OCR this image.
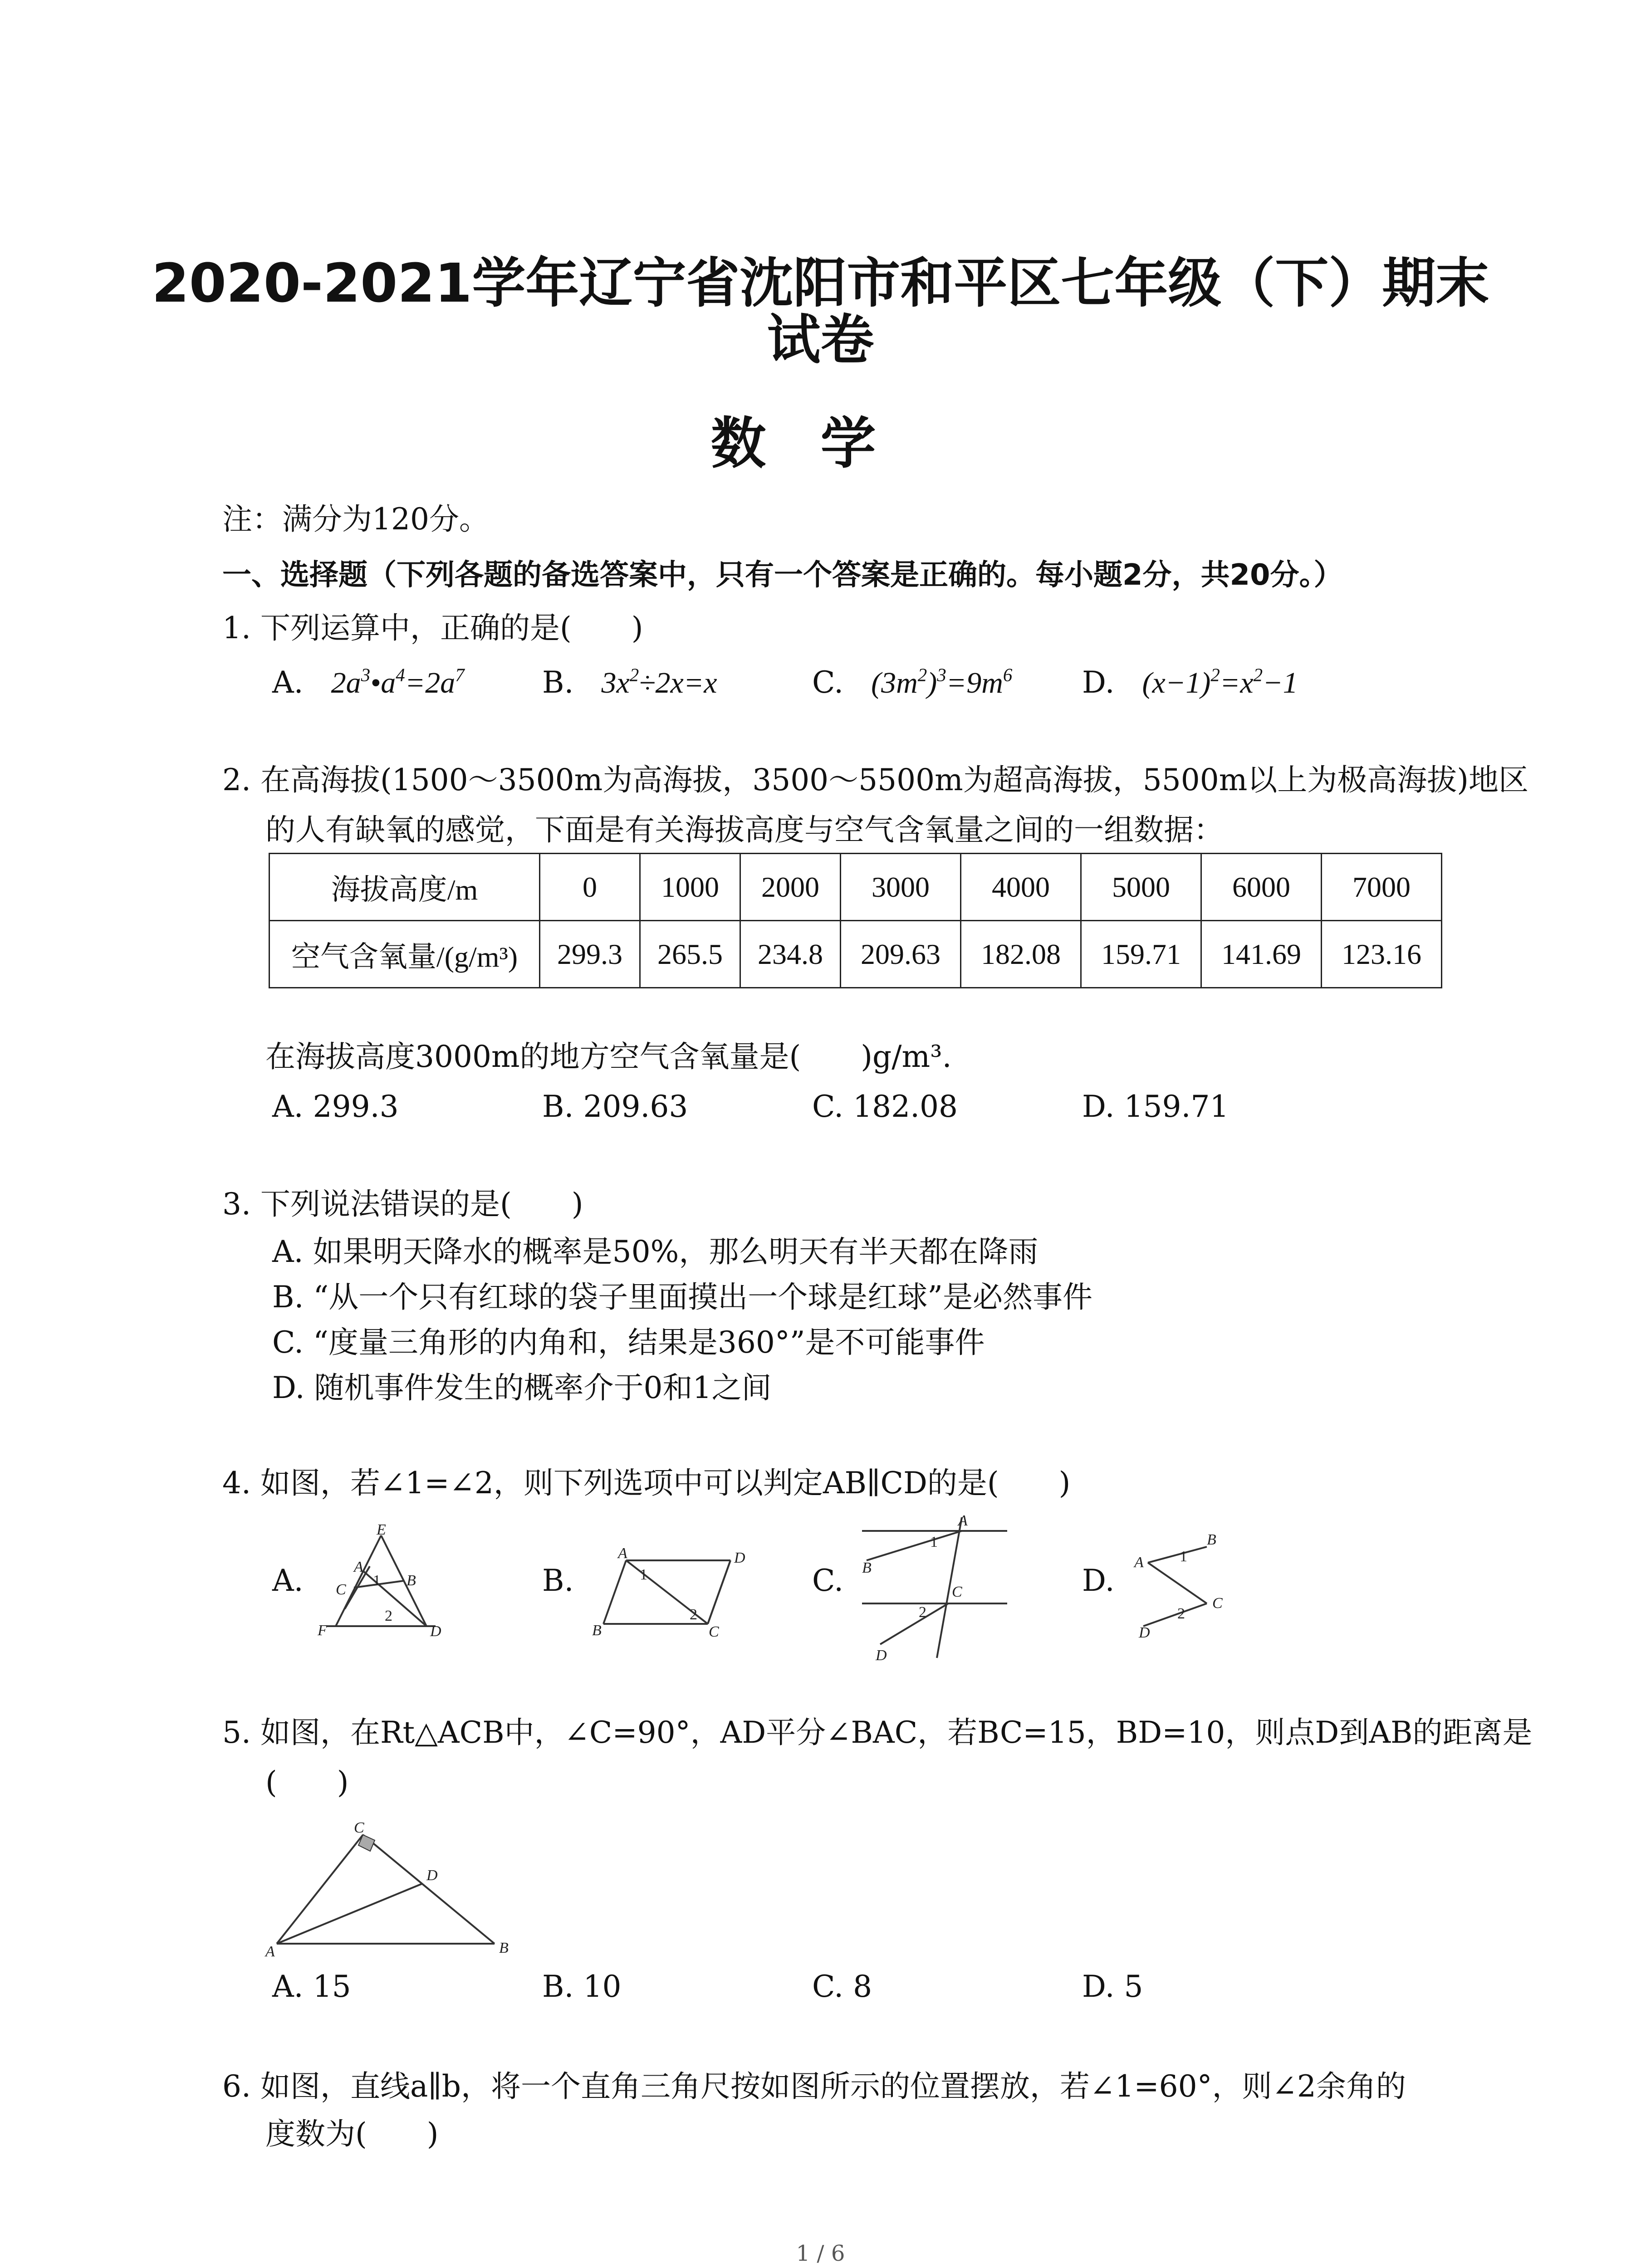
2020-2021学年辽宁省沈阳市和平区七年级（下）期末
试卷
数学
注：满分为120分。
一、选择题（下列各题的备选答案中，只有一个答案是正确的。每小题2分，共20分。）
1. 下列运算中，正确的是(　　)
A. $2a^3•a^4=2a^7$	B. $3x^2\div 2x=x$	C. $(3m^2)^3=9m^6$ D. $(x-1)^2=x^2-1$
2. 在高海拔(1500～3500m为高海拔，3500～5500m为超高海拔，5500m以上为极高海拔)地区
的人有缺氧的感觉，下面是有关海拔高度与空气含氧量之间的一组数据：
海拔高度/m	0	1000	2000	3000	4000	5000	6000	7000
空气含氧量/(g/m³)	299.3	265.5	234.8	209.63	182.08	159.71	141.69	123.16
在海拔高度3000m的地方空气含氧量是(　　)g/m³.
A. 299.3	B. 209.63	C. 182.08	D. 159.71
3. 下列说法错误的是(　　)
A. 如果明天降水的概率是50%，那么明天有半天都在降雨
B. “从一个只有红球的袋子里面摸出一个球是红球”是必然事件
C. “度量三角形的内角和，结果是360°”是不可能事件
D. 随机事件发生的概率介于0和1之间
4. 如图，若∠1=∠2，则下列选项中可以判定AB∥CD的是(　　)
A.
E
A
C
1 B
F
2
D
B.
A	D
1
2
B	C
C.
A
1
B
C
2
D
D.
B
A 1
C
2
D
5. 如图，在Rt△ACB中，∠C=90°，AD平分∠BAC，若BC=15，BD=10，则点D到AB的距离是
(　　)
C
D
A	B
A. 15	B. 10	C. 8	D. 5
6. 如图，直线a∥b，将一个直角三角尺按如图所示的位置摆放，若∠1=60°，则∠2余角的
度数为(　　)
1 / 6
